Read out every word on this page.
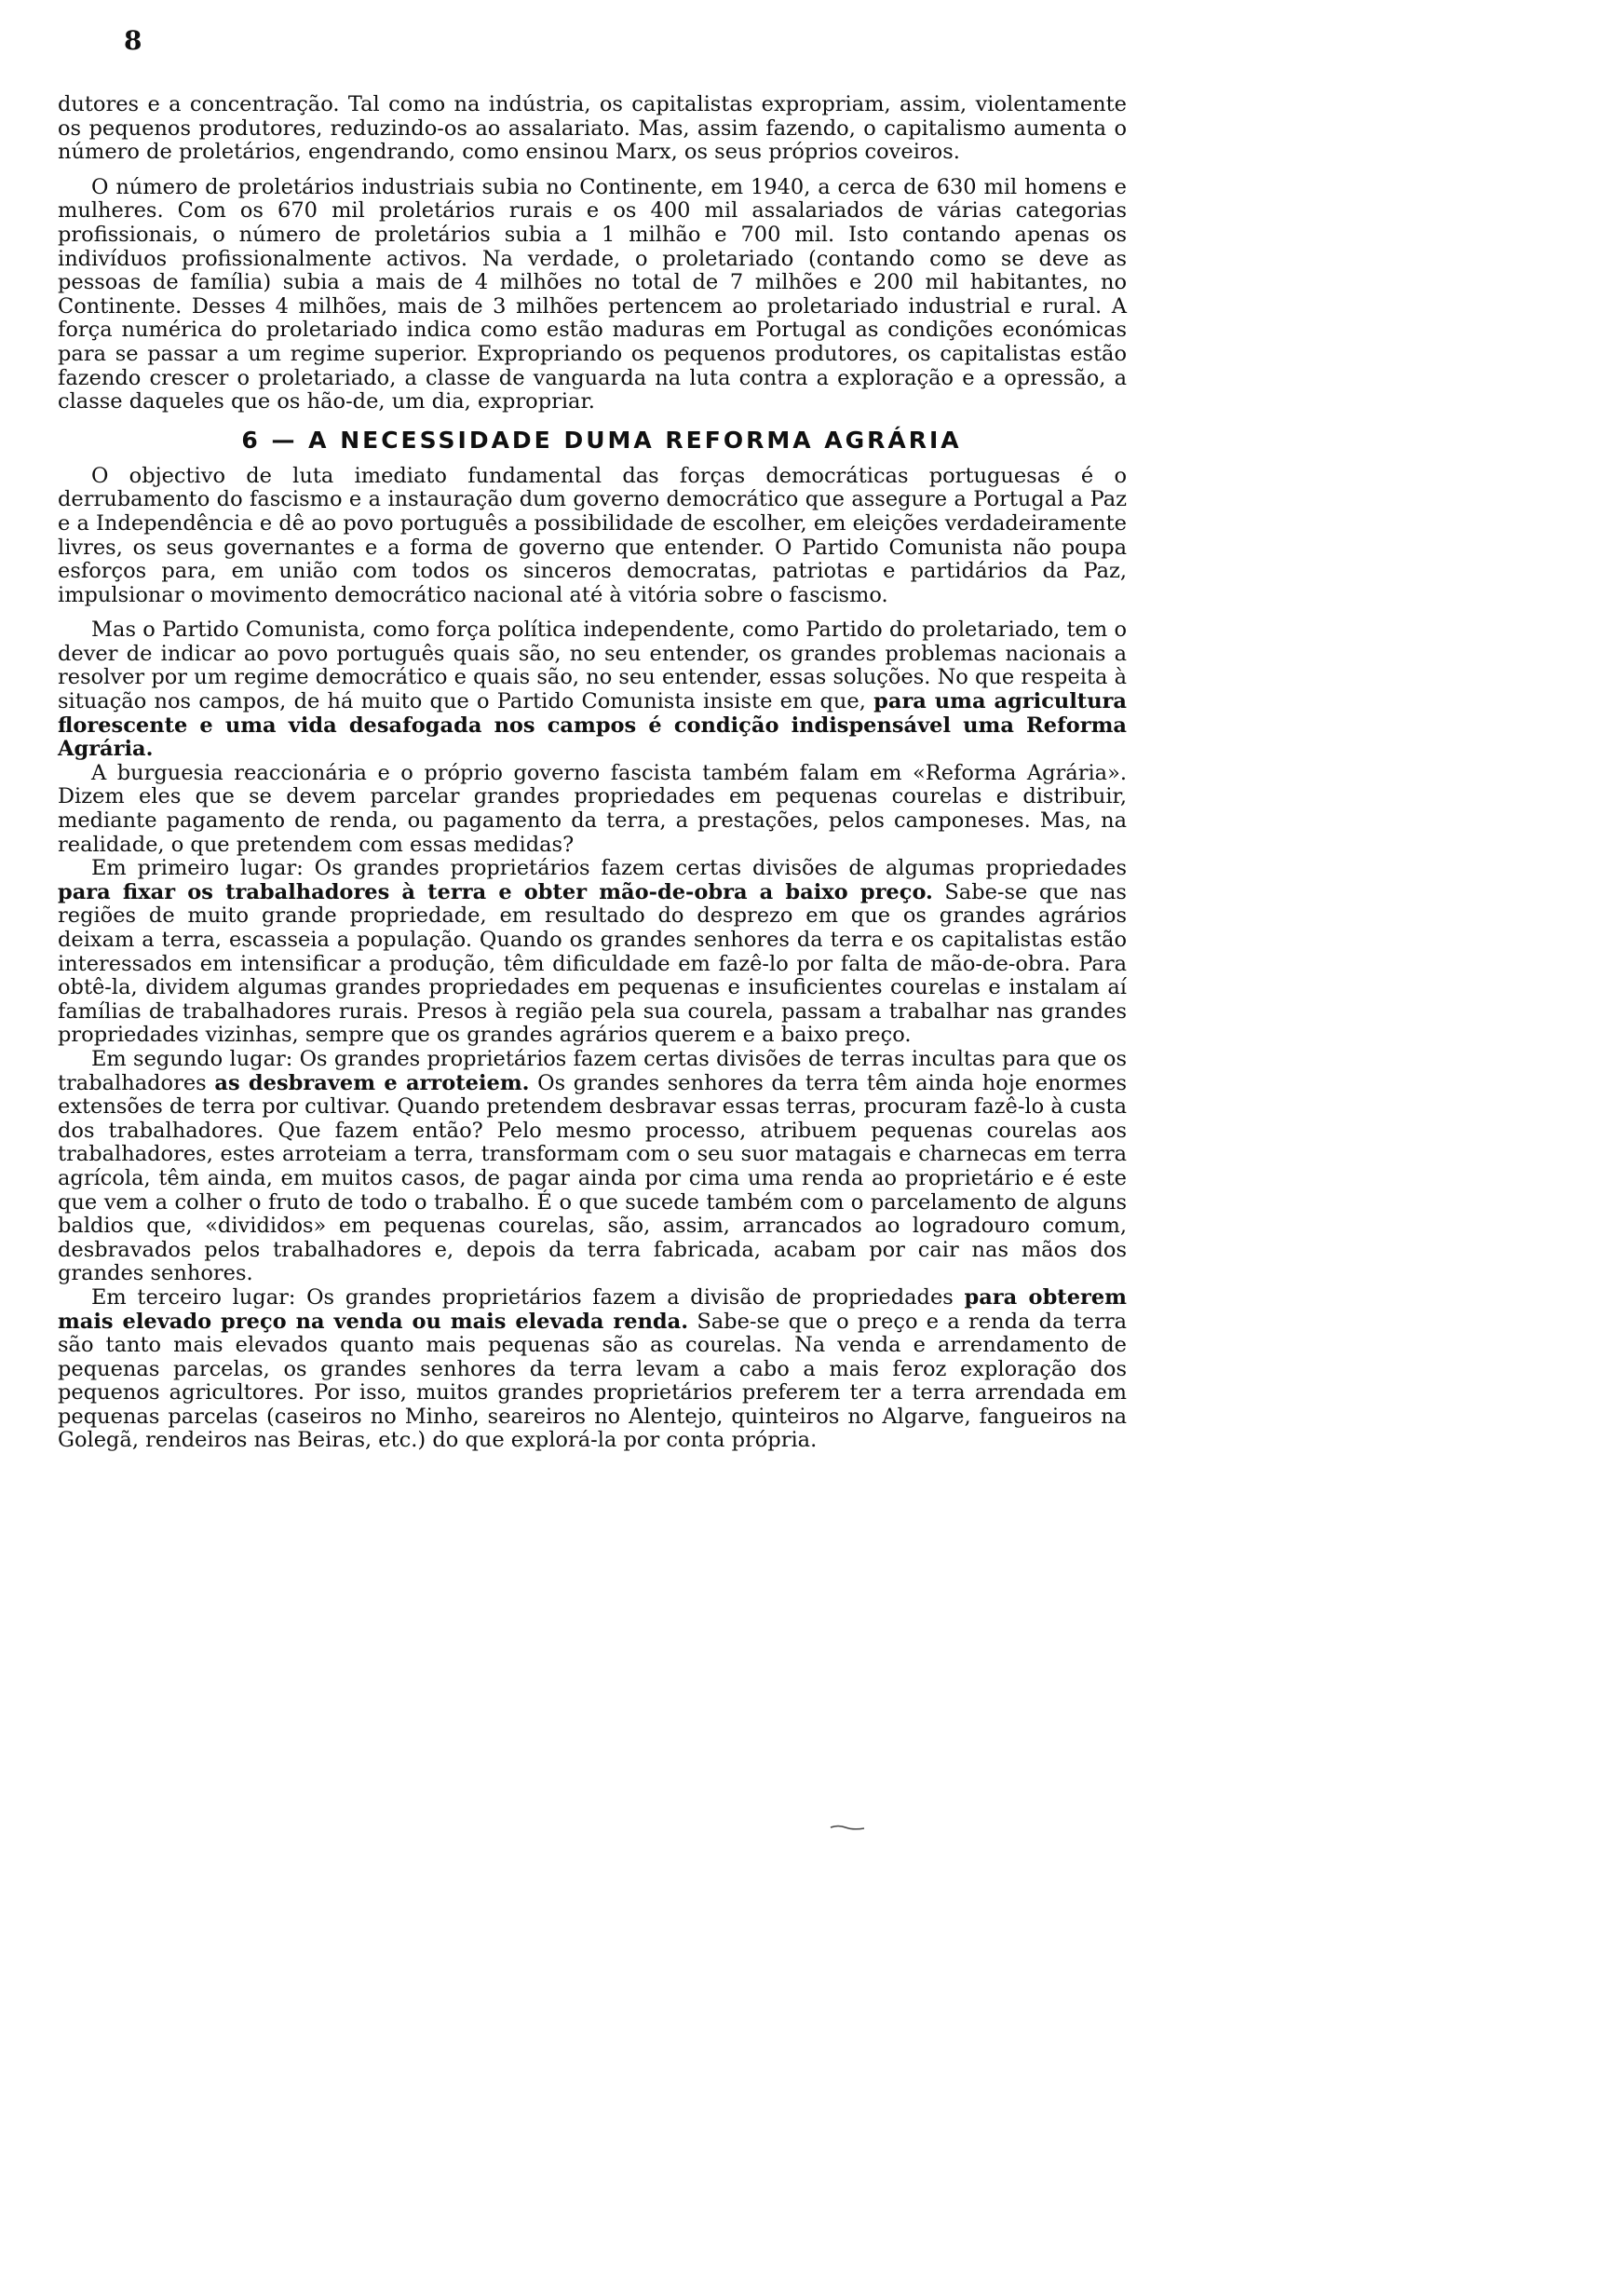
8

dutores e a concentração. Tal como na indústria, os capitalistas expropriam, assim, violentamente os pequenos produtores, reduzindo-os ao assalariato. Mas, assim fazendo, o capitalismo aumenta o número de proletários, engendrando, como ensinou Marx, os seus próprios coveiros.

O número de proletários industriais subia no Continente, em 1940, a cerca de 630 mil homens e mulheres. Com os 670 mil proletários rurais e os 400 mil assalariados de várias categorias profissionais, o número de proletários subia a 1 milhão e 700 mil. Isto contando apenas os indivíduos profissionalmente activos. Na verdade, o proletariado (contando como se deve as pessoas de família) subia a mais de 4 milhões no total de 7 milhões e 200 mil habitantes, no Continente. Desses 4 milhões, mais de 3 milhões pertencem ao proletariado industrial e rural. A força numérica do proletariado indica como estão maduras em Portugal as condições económicas para se passar a um regime superior. Expropriando os pequenos produtores, os capitalistas estão fazendo crescer o proletariado, a classe de vanguarda na luta contra a exploração e a opressão, a classe daqueles que os hão-de, um dia, expropriar.

6 — A NECESSIDADE DUMA REFORMA AGRÁRIA

O objectivo de luta imediato fundamental das forças democráticas portuguesas é o derrubamento do fascismo e a instauração dum governo democrático que assegure a Portugal a Paz e a Independência e dê ao povo português a possibilidade de escolher, em eleições verdadeiramente livres, os seus governantes e a forma de governo que entender. O Partido Comunista não poupa esforços para, em união com todos os sinceros democratas, patriotas e partidários da Paz, impulsionar o movimento democrático nacional até à vitória sobre o fascismo.

Mas o Partido Comunista, como força política independente, como Partido do proletariado, tem o dever de indicar ao povo português quais são, no seu entender, os grandes problemas nacionais a resolver por um regime democrático e quais são, no seu entender, essas soluções. No que respeita à situação nos campos, de há muito que o Partido Comunista insiste em que, para uma agricultura florescente e uma vida desafogada nos campos é condição indispensável uma Reforma Agrária.

A burguesia reaccionária e o próprio governo fascista também falam em «Reforma Agrária». Dizem eles que se devem parcelar grandes propriedades em pequenas courelas e distribuir, mediante pagamento de renda, ou pagamento da terra, a prestações, pelos camponeses. Mas, na realidade, o que pretendem com essas medidas?

Em primeiro lugar: Os grandes proprietários fazem certas divisões de algumas propriedades para fixar os trabalhadores à terra e obter mão-de-obra a baixo preço. Sabe-se que nas regiões de muito grande propriedade, em resultado do desprezo em que os grandes agrários deixam a terra, escasseia a população. Quando os grandes senhores da terra e os capitalistas estão interessados em intensificar a produção, têm dificuldade em fazê-lo por falta de mão-de-obra. Para obtê-la, dividem algumas grandes propriedades em pequenas e insuficientes courelas e instalam aí famílias de trabalhadores rurais. Presos à região pela sua courela, passam a trabalhar nas grandes propriedades vizinhas, sempre que os grandes agrários querem e a baixo preço.

Em segundo lugar: Os grandes proprietários fazem certas divisões de terras incultas para que os trabalhadores as desbravem e arroteiem. Os grandes senhores da terra têm ainda hoje enormes extensões de terra por cultivar. Quando pretendem desbravar essas terras, procuram fazê-lo à custa dos trabalhadores. Que fazem então? Pelo mesmo processo, atribuem pequenas courelas aos trabalhadores, estes arroteiam a terra, transformam com o seu suor matagais e charnecas em terra agrícola, têm ainda, em muitos casos, de pagar ainda por cima uma renda ao proprietário e é este que vem a colher o fruto de todo o trabalho. É o que sucede também com o parcelamento de alguns baldios que, «divididos» em pequenas courelas, são, assim, arrancados ao logradouro comum, desbravados pelos trabalhadores e, depois da terra fabricada, acabam por cair nas mãos dos grandes senhores.

Em terceiro lugar: Os grandes proprietários fazem a divisão de propriedades para obterem mais elevado preço na venda ou mais elevada renda. Sabe-se que o preço e a renda da terra são tanto mais elevados quanto mais pequenas são as courelas. Na venda e arrendamento de pequenas parcelas, os grandes senhores da terra levam a cabo a mais feroz exploração dos pequenos agricultores. Por isso, muitos grandes proprietários preferem ter a terra arrendada em pequenas parcelas (caseiros no Minho, seareiros no Alentejo, quinteiros no Algarve, fangueiros na Golegã, rendeiros nas Beiras, etc.) do que explorá-la por conta própria.
